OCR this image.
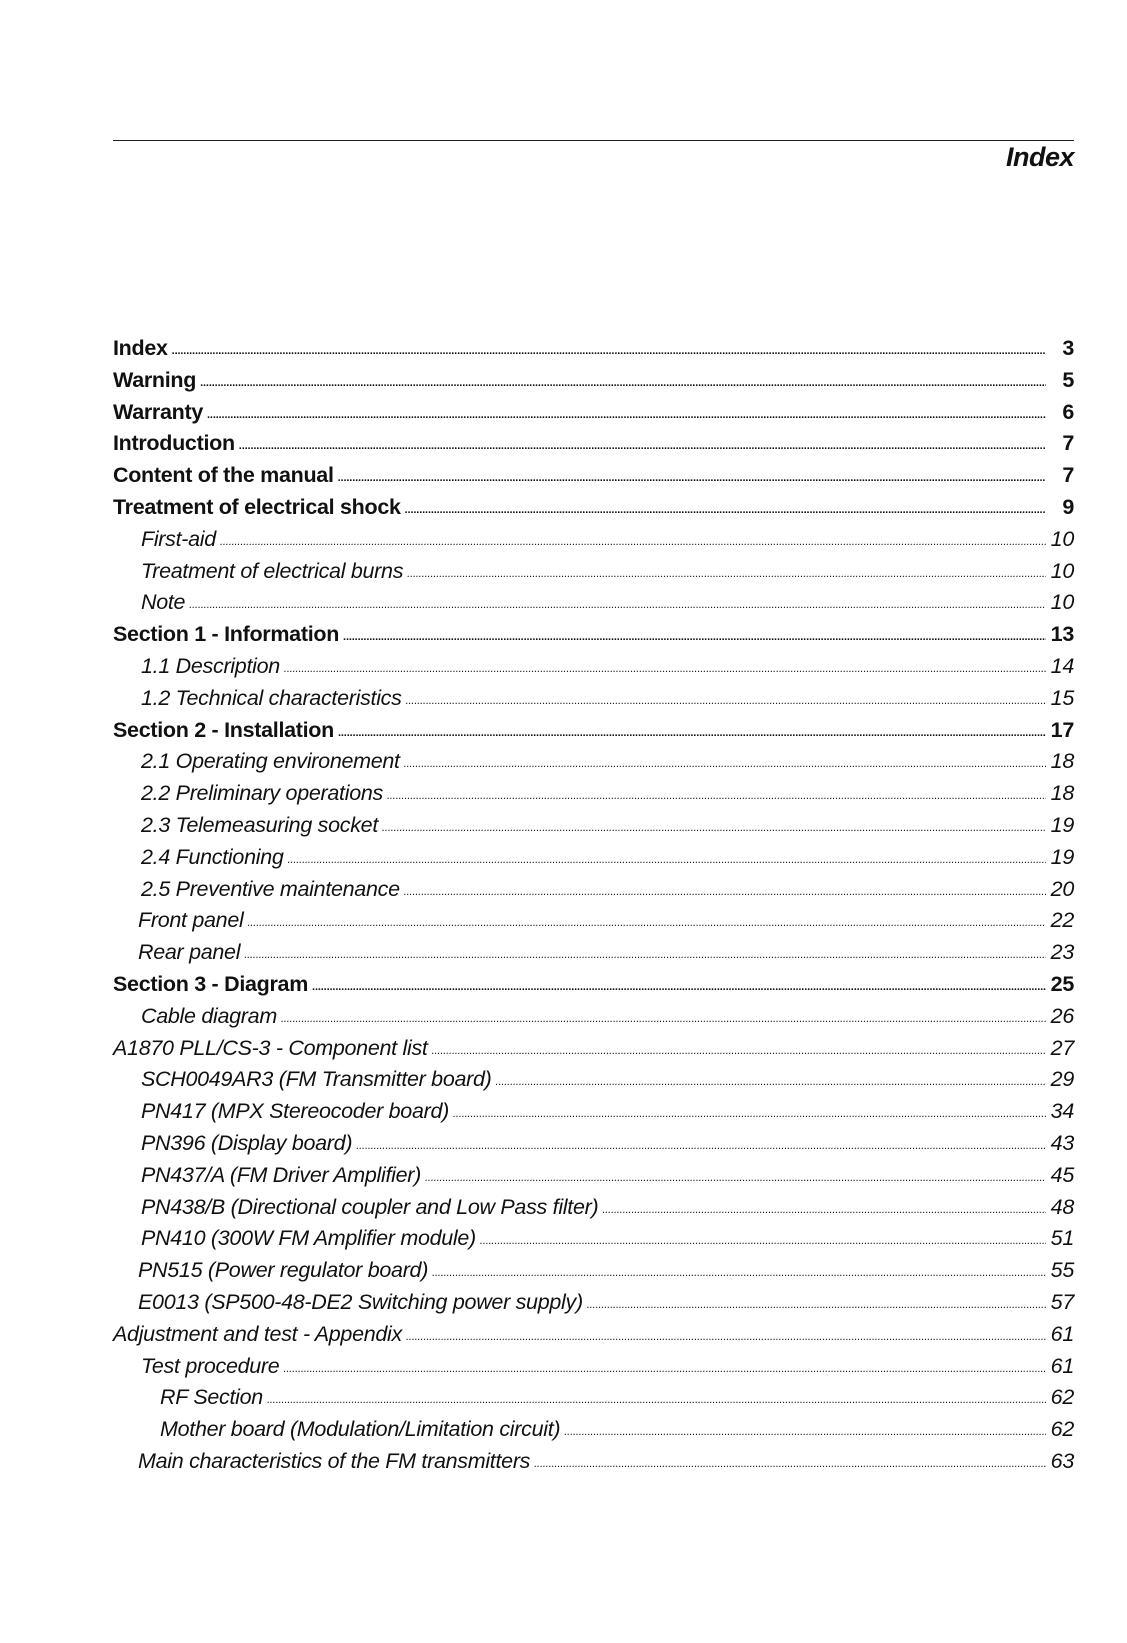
Index
Index . . .	3
Warning . . .	5
Warranty . . .	6
Introduction . . .	7
Content of the manual . . .	7
Treatment of electrical shock . . .	9
First-aid . . .	10
Treatment of electrical burns . . .	10
Note . . .	10
Section 1 - Information . . .	13
1.1 Description . . .	14
1.2 Technical characteristics . . .	15
Section 2 - Installation . . .	17
2.1 Operating environement . . .	18
2.2 Preliminary operations . . .	18
2.3 Telemeasuring socket . . .	19
2.4 Functioning . . .	19
2.5 Preventive maintenance . . .	20
Front panel . . .	22
Rear panel . . .	23
Section 3 - Diagram . . .	25
Cable diagram . . .	26
A1870 PLL/CS-3 - Component list . . .	27
SCH0049AR3 (FM Transmitter board) . . .	29
PN417 (MPX Stereocoder board) . . .	34
PN396 (Display board) . . .	43
PN437/A (FM Driver Amplifier) . . .	45
PN438/B (Directional coupler and Low Pass filter) . . .	48
PN410 (300W FM Amplifier module) . . .	51
PN515 (Power regulator board) . . .	55
E0013 (SP500-48-DE2 Switching power supply) . . .	57
Adjustment and test - Appendix . . .	61
Test procedure . . .	61
RF Section . . .	62
Mother board (Modulation/Limitation circuit) . . .	62
Main characteristics of the FM transmitters . . .	63
